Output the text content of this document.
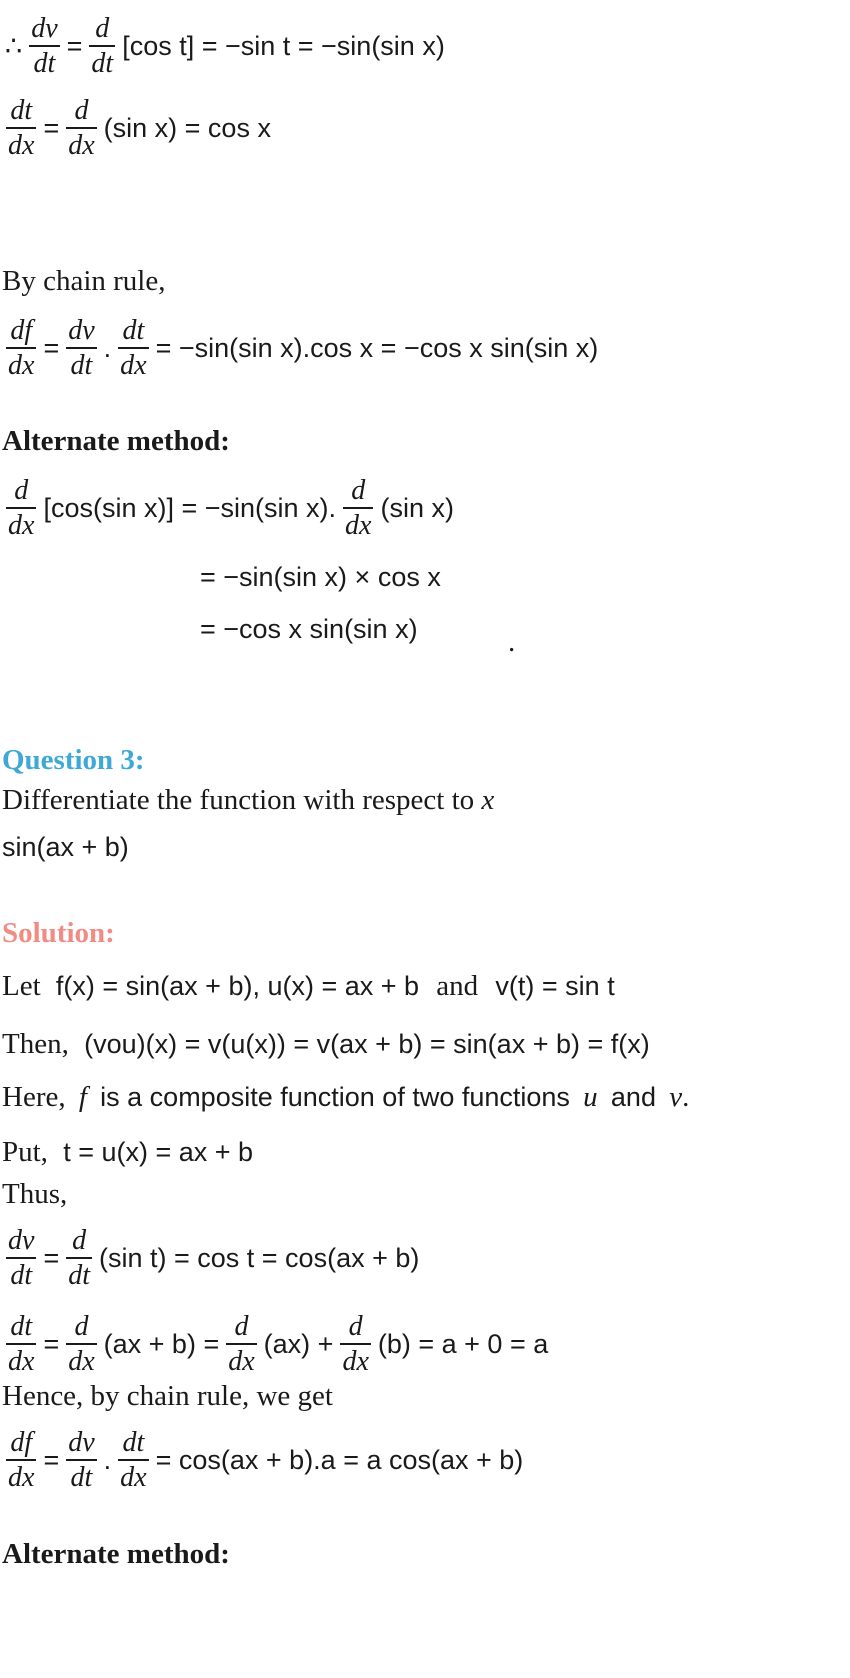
∴ $\frac{dv}{dt} = \frac{d}{dt} [\cos$ t] = −sin t = −sin(sin x)
$\frac{dt}{dx} = \frac{d}{dx} (\sin$ x) = cos x
By chain rule,
$\frac{df}{dx} = \frac{dv}{dt}$ . $\frac{dt}{dx} = -\sin(\sin$ x).cos x = −cos x sin(sin x)
Alternate method:
$\frac{d}{dx} [\cos(\sin$ x)] = −sin(sin x). $\frac{d}{dx} (\sin$ x)
= −sin(sin x) × cos x
= −cos x sin(sin x)	.
Question 3:
Differentiate the function with respect to x
sin(ax + b)
Solution:
Let f(x) = sin(ax + b), u(x) = ax + b and v(t) = sin t
Then, (vou)(x) = v(u(x)) = v(ax + b) = sin(ax + b) = f(x)
Here, f is a composite function of two functions u and v.
Put, t = u(x) = ax + b
Thus,
$\frac{dv}{dt} = \frac{d}{dt} (\sin$ t) = cos t = cos(ax + b)
$\frac{dt}{dx} = \frac{d}{dx} (ax + b) = \frac{d}{dx} (ax) + \frac{d}{dx} (b) = a + 0 = a$
Hence, by chain rule, we get
$\frac{df}{dx} = \frac{dv}{dt}$ . $\frac{dt}{dx} = \cos(ax + b).a = a$ cos(ax + b)
Alternate method:
